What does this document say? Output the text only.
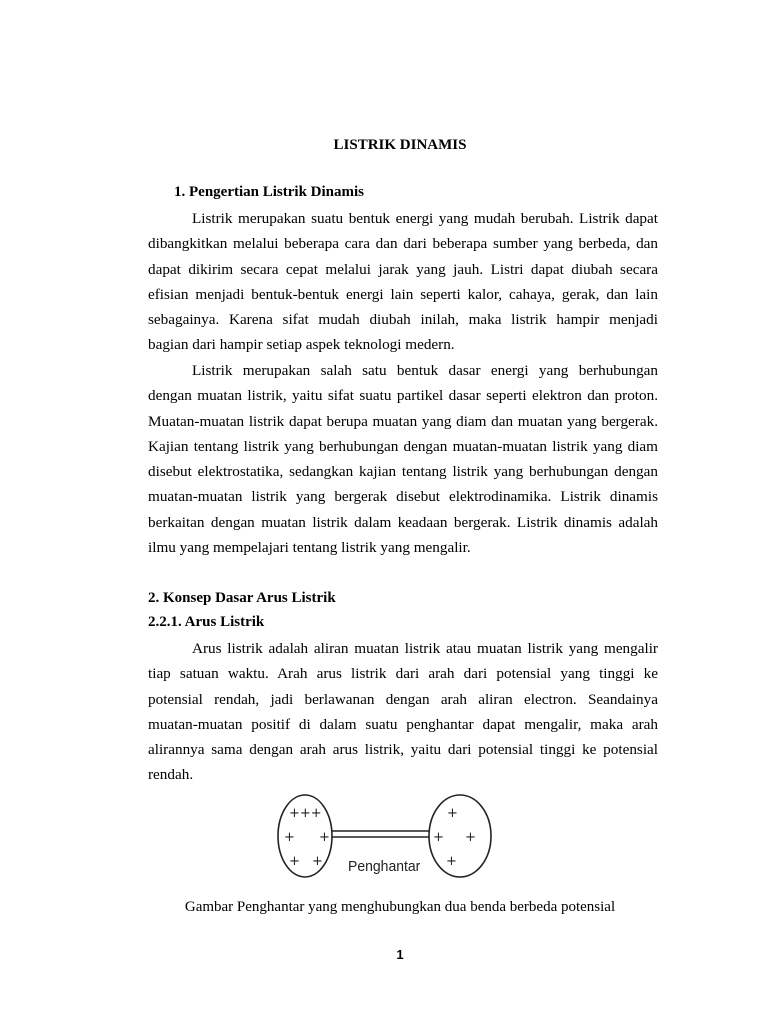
LISTRIK DINAMIS
1. Pengertian Listrik Dinamis
Listrik merupakan suatu bentuk energi yang mudah berubah. Listrik dapat
dibangkitkan melalui beberapa cara dan dari beberapa sumber yang berbeda, dan
dapat dikirim secara cepat melalui jarak yang jauh. Listri dapat diubah secara
efisian menjadi bentuk-bentuk energi lain seperti kalor, cahaya, gerak, dan lain
sebagainya. Karena sifat mudah diubah inilah, maka listrik hampir menjadi
bagian dari hampir setiap aspek teknologi medern.
Listrik merupakan salah satu bentuk dasar energi yang berhubungan
dengan muatan listrik, yaitu sifat suatu partikel dasar seperti elektron dan proton.
Muatan-muatan listrik dapat berupa muatan yang diam dan muatan yang bergerak.
Kajian tentang listrik yang berhubungan dengan muatan-muatan listrik yang diam
disebut elektrostatika, sedangkan kajian tentang listrik yang berhubungan dengan
muatan-muatan listrik yang bergerak disebut elektrodinamika. Listrik dinamis
berkaitan dengan muatan listrik dalam keadaan bergerak. Listrik dinamis adalah
ilmu yang mempelajari tentang listrik yang mengalir.
2. Konsep Dasar Arus Listrik
2.2.1. Arus Listrik
Arus listrik adalah aliran muatan listrik atau muatan listrik yang mengalir
tiap satuan waktu. Arah arus listrik dari arah dari potensial yang tinggi ke
potensial rendah, jadi berlawanan dengan arah aliran electron. Seandainya
muatan-muatan positif di dalam suatu penghantar dapat mengalir, maka arah
alirannya sama dengan arah arus listrik, yaitu dari potensial tinggi ke potensial
rendah.
+++
+ +
+ +
+
+ +
+
Penghantar
Gambar Penghantar yang menghubungkan dua benda berbeda potensial
1
